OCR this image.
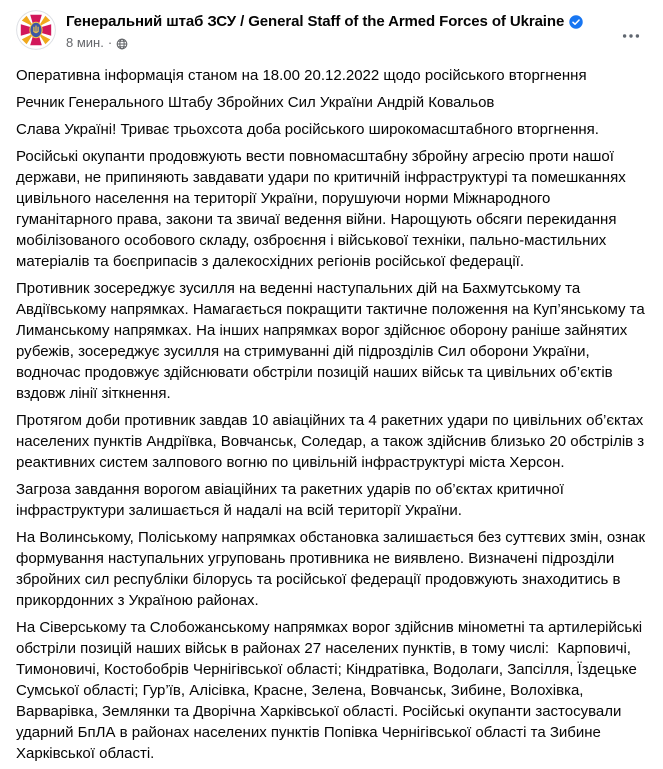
Генеральний штаб ЗСУ / General Staff of the Armed Forces of Ukraine
8 мин. ·

Оперативна інформація станом на 18.00 20.12.2022 щодо російського вторгнення

Речник Генерального Штабу Збройних Сил України Андрій Ковальов

Слава Україні! Триває трьохсота доба російського широкомасштабного вторгнення.

Російські окупанти продовжують вести повномасштабну збройну агресію проти нашої держави, не припиняють завдавати удари по критичній інфраструктурі та помешканнях цивільного населення на території України, порушуючи норми Міжнародного гуманітарного права, закони та звичаї ведення війни. Нарощують обсяги перекидання мобілізованого особового складу, озброєння і військової техніки, пально-мастильних матеріалів та боєприпасів з далекосхідних регіонів російської федерації.

Противник зосереджує зусилля на веденні наступальних дій на Бахмутському та Авдіївському напрямках. Намагається покращити тактичне положення на Куп’янському та Лиманському напрямках. На інших напрямках ворог здійснює оборону раніше зайнятих рубежів, зосереджує зусилля на стримуванні дій підрозділів Сил оборони України, водночас продовжує здійснювати обстріли позицій наших військ та цивільних об’єктів вздовж лінії зіткнення.

Протягом доби противник завдав 10 авіаційних та 4 ракетних удари по цивільних об’єктах населених пунктів Андріївка, Вовчанськ, Соледар, а також здійснив близько 20 обстрілів з реактивних систем залпового вогню по цивільній інфраструктурі міста Херсон.

Загроза завдання ворогом авіаційних та ракетних ударів по об’єктах критичної інфраструктури залишається й надалі на всій території України.

На Волинському, Поліському напрямках обстановка залишається без суттєвих змін, ознак формування наступальних угруповань противника не виявлено. Визначені підрозділи збройних сил республіки білорусь та російської федерації продовжують знаходитись в прикордонних з Україною районах.

На Сіверському та Слобожанському напрямках ворог здійснив мінометні та артилерійські обстріли позицій наших військ в районах 27 населених пунктів, в тому числі:  Карповичі, Тимоновичі, Костобобрів Чернігівської області; Кіндратівка, Водолаги, Запсілля, Їздецьке Сумської області; Гур’їв, Алісівка, Красне, Зелена, Вовчанськ, Зибине, Волохівка, Варварівка, Землянки та Дворічна Харківської області. Російські окупанти застосували ударний БпЛА в районах населених пунктів Попівка Чернігівської області та Зибине Харківської області.
